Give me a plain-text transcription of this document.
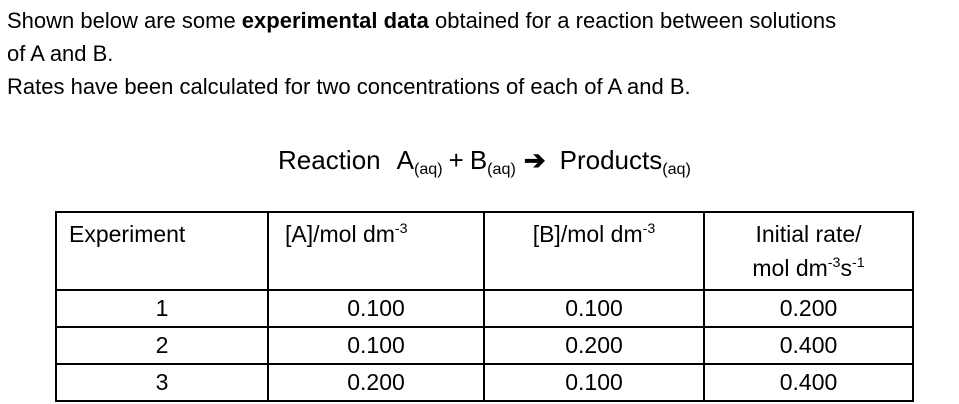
Shown below are some experimental data obtained for a reaction between solutions
of A and B.

Rates have been calculated for two concentrations of each of A and B.

Reaction $A_{(aq)} + B_{(aq)}$ ➔ Products$_{(aq)}$
Experiment	[A]/mol $dm^{-3}$	[B]/mol $dm^{-3}$	Initial rate/
mol $dm^{-3}s^{-1}$

1	0.100	0.100	0.200
2	0.100	0.200	0.400
3	0.200	0.100	0.400
